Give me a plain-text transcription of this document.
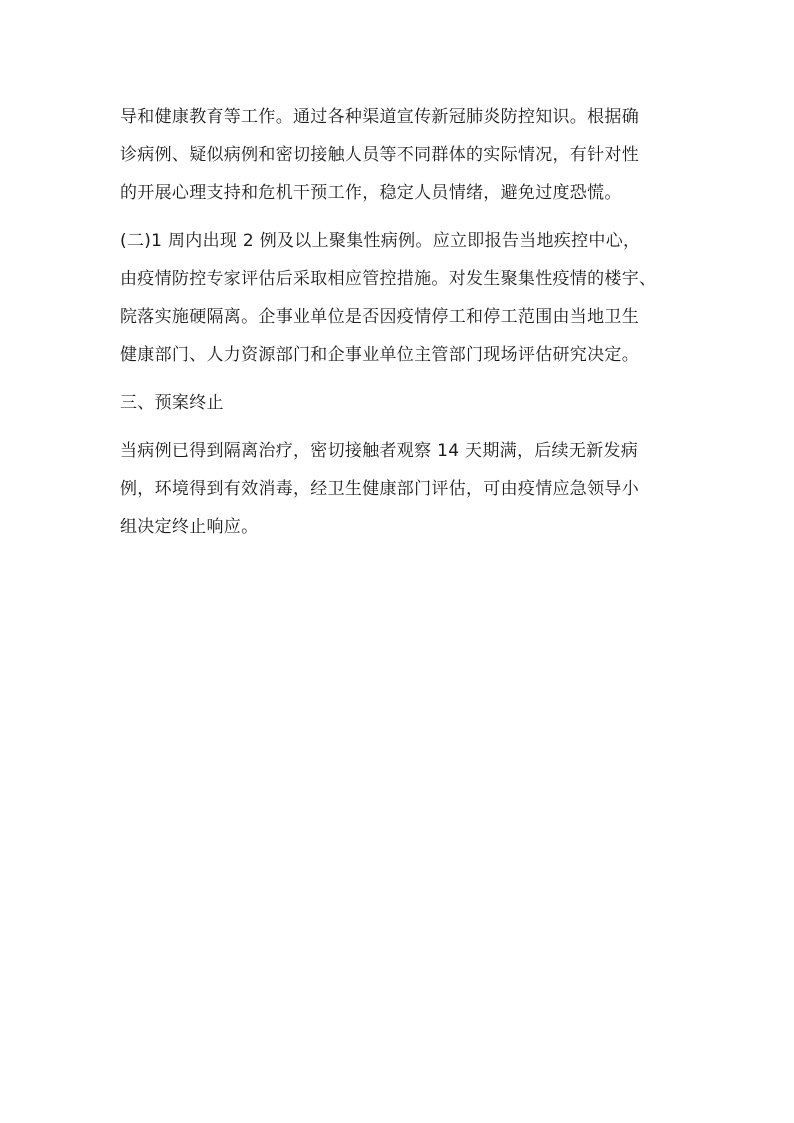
导和健康教育等工作。通过各种渠道宣传新冠肺炎防控知识。根据确
诊病例、疑似病例和密切接触人员等不同群体的实际情况，有针对性
的开展心理支持和危机干预工作，稳定人员情绪，避免过度恐慌。

(二)1 周内出现 2 例及以上聚集性病例。应立即报告当地疾控中心，
由疫情防控专家评估后采取相应管控措施。对发生聚集性疫情的楼宇、
院落实施硬隔离。企事业单位是否因疫情停工和停工范围由当地卫生
健康部门、人力资源部门和企事业单位主管部门现场评估研究决定。

三、预案终止

当病例已得到隔离治疗，密切接触者观察 14 天期满，后续无新发病
例，环境得到有效消毒，经卫生健康部门评估，可由疫情应急领导小
组决定终止响应。
